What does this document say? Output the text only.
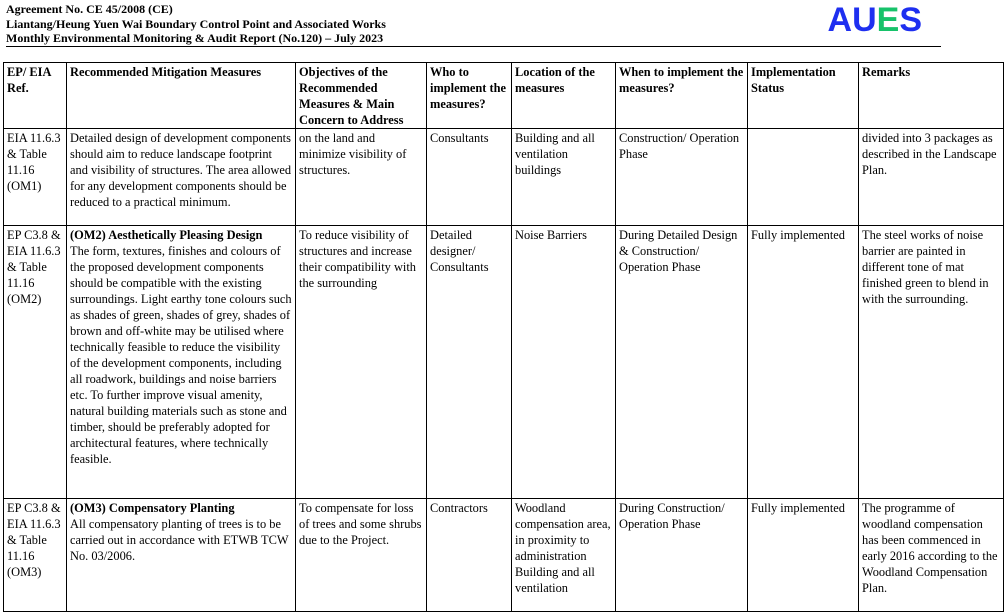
Agreement No. CE 45/2008 (CE)
Liantang/Heung Yuen Wai Boundary Control Point and Associated Works
Monthly Environmental Monitoring & Audit Report (No.120) – July 2023	AUES
EP/ EIA Ref.	Recommended Mitigation Measures	Objectives of the Recommended Measures & Main Concern to Address	Who to implement the measures?	Location of the measures	When to implement the measures?	Implementation Status	Remarks
EIA 11.6.3 & Table 11.16 (OM1)	Detailed design of development components should aim to reduce landscape footprint and visibility of structures. The area allowed for any development components should be reduced to a practical minimum.	on the land and minimize visibility of structures.	Consultants	Building and all ventilation buildings	Construction/ Operation Phase		divided into 3 packages as described in the Landscape Plan.
EP C3.8 & EIA 11.6.3 & Table 11.16 (OM2)	(OM2) Aesthetically Pleasing Design
The form, textures, finishes and colours of the proposed development components should be compatible with the existing surroundings. Light earthy tone colours such as shades of green, shades of grey, shades of brown and off-white may be utilised where technically feasible to reduce the visibility of the development components, including all roadwork, buildings and noise barriers etc. To further improve visual amenity, natural building materials such as stone and timber, should be preferably adopted for architectural features, where technically feasible.	To reduce visibility of structures and increase their compatibility with the surrounding	Detailed designer/ Consultants	Noise Barriers	During Detailed Design & Construction/ Operation Phase	Fully implemented	The steel works of noise barrier are painted in different tone of mat finished green to blend in with the surrounding.
EP C3.8 & EIA 11.6.3 & Table 11.16 (OM3)	(OM3) Compensatory Planting
All compensatory planting of trees is to be carried out in accordance with ETWB TCW No. 03/2006.	To compensate for loss of trees and some shrubs due to the Project.	Contractors	Woodland compensation area, in proximity to administration Building and all ventilation	During Construction/ Operation Phase	Fully implemented	The programme of woodland compensation has been commenced in early 2016 according to the Woodland Compensation Plan.
